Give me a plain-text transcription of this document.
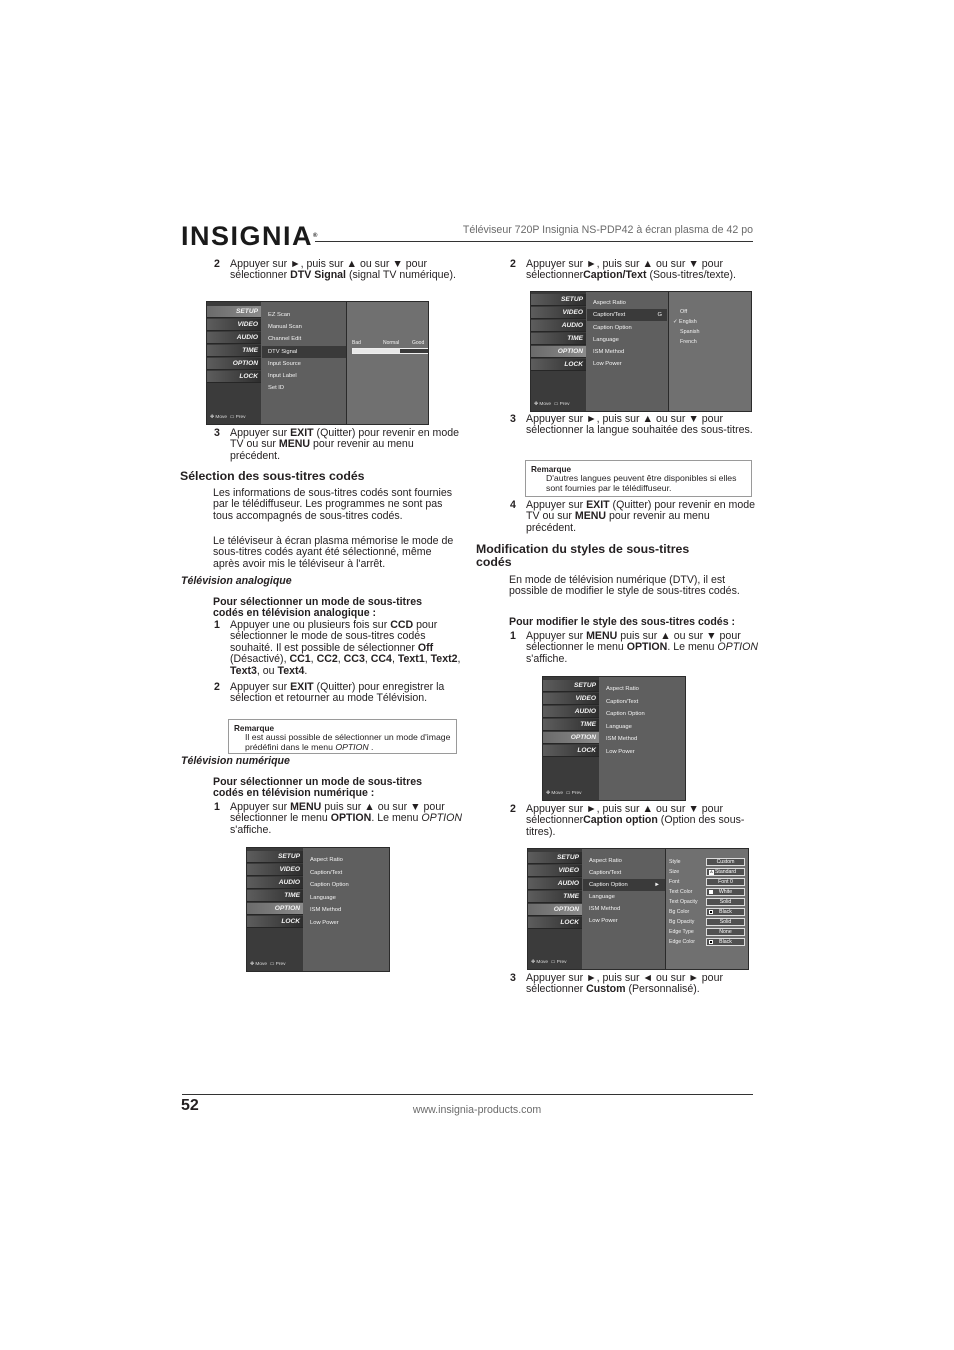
INSIGNIA®	Téléviseur 720P Insignia NS-PDP42 à écran plasma de 42 po
2 Appuyer sur ►, puis sur ▲ ou sur ▼ pour sélectionner DTV Signal (signal TV numérique).
SETUP
VIDEO
AUDIO
TIME
OPTION
LOCK
✥ Move ▭ Prev
EZ Scan
Manual Scan
Channel Edit
DTV Signal
Input Source
Input Label
Set ID
Bad	Normal	Good
3 Appuyer sur EXIT (Quitter) pour revenir en mode TV ou sur MENU pour revenir au menu précédent.
Sélection des sous-titres codés

Les informations de sous-titres codés sont fournies par le télédiffuseur. Les programmes ne sont pas tous accompagnés de sous-titres codés.

Le téléviseur à écran plasma mémorise le mode de sous-titres codés ayant été sélectionné, même après avoir mis le téléviseur à l'arrêt.

Télévision analogique
Pour sélectionner un mode de sous-titres codés en télévision analogique :
1 Appuyer une ou plusieurs fois sur CCD pour sélectionner le mode de sous-titres codés souhaité. Il est possible de sélectionner Off (Désactivé), CC1, CC2, CC3, CC4, Text1, Text2, Text3, ou Text4.
2 Appuyer sur EXIT (Quitter) pour enregistrer la sélection et retourner au mode Télévision.
Remarque
Il est aussi possible de sélectionner un mode d'image prédéfini dans le menu OPTION .
Télévision numérique
Pour sélectionner un mode de sous-titres codés en télévision numérique :
1 Appuyer sur MENU puis sur ▲ ou sur ▼ pour sélectionner le menu OPTION. Le menu OPTION s'affiche.
SETUP
VIDEO
AUDIO
TIME
OPTION
LOCK
✥ Move ▭ Prev
Aspect Ratio
Caption/Text
Caption Option
Language
ISM Method
Low Power
2 Appuyer sur ►, puis sur ▲ ou sur ▼ pour sélectionnerCaption/Text (Sous-titres/texte).
SETUP
VIDEO
AUDIO
TIME
OPTION
LOCK
✥ Move ▭ Prev
Aspect Ratio
Caption/Text	G
Caption Option
Language
ISM Method
Low Power
Off
✓ English
Spanish
French
3 Appuyer sur ►, puis sur ▲ ou sur ▼ pour sélectionner la langue souhaitée des sous-titres.
Remarque
D'autres langues peuvent être disponibles si elles sont fournies par le télédiffuseur.
4 Appuyer sur EXIT (Quitter) pour revenir en mode TV ou sur MENU pour revenir au menu précédent.
Modification du styles de sous-titres codés

En mode de télévision numérique (DTV), il est possible de modifier le style de sous-titres codés.

Pour modifier le style des sous-titres codés :
1 Appuyer sur MENU puis sur ▲ ou sur ▼ pour sélectionner le menu OPTION. Le menu OPTION s'affiche.
SETUP
VIDEO
AUDIO
TIME
OPTION
LOCK
✥ Move ▭ Prev
Aspect Ratio
Caption/Text
Caption Option
Language
ISM Method
Low Power
2 Appuyer sur ►, puis sur ▲ ou sur ▼ pour sélectionnerCaption option (Option des sous-titres).
SETUP
VIDEO
AUDIO
TIME
OPTION
LOCK
✥ Move ▭ Prev
Aspect Ratio
Caption/Text
Caption Option	►
Language
ISM Method
Low Power
Style	Custom
Size	A Standard
Font	Font 0
Text Color	White
Text Opacity	Solid
Bg Color	Black
Bg Opacity	Solid
Edge Type	None
Edge Color	Black
3 Appuyer sur ►, puis sur ◄ ou sur ► pour sélectionner Custom (Personnalisé).
52	www.insignia-products.com
